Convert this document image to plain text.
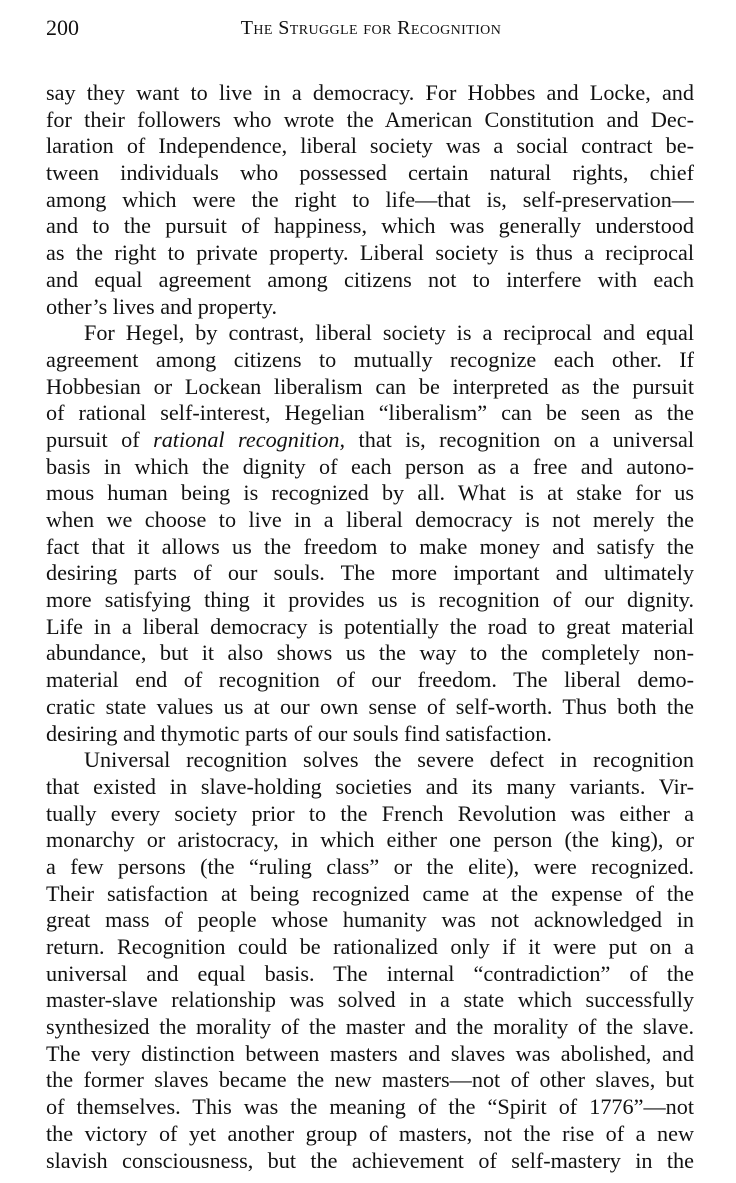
200	The Struggle for Recognition
say they want to live in a democracy. For Hobbes and Locke, and
for their followers who wrote the American Constitution and Dec-
laration of Independence, liberal society was a social contract be-
tween individuals who possessed certain natural rights, chief
among which were the right to life—that is, self-preservation—
and to the pursuit of happiness, which was generally understood
as the right to private property. Liberal society is thus a reciprocal
and equal agreement among citizens not to interfere with each
other’s lives and property.
For Hegel, by contrast, liberal society is a reciprocal and equal
agreement among citizens to mutually recognize each other. If
Hobbesian or Lockean liberalism can be interpreted as the pursuit
of rational self-interest, Hegelian “liberalism” can be seen as the
pursuit of rational recognition, that is, recognition on a universal
basis in which the dignity of each person as a free and autono-
mous human being is recognized by all. What is at stake for us
when we choose to live in a liberal democracy is not merely the
fact that it allows us the freedom to make money and satisfy the
desiring parts of our souls. The more important and ultimately
more satisfying thing it provides us is recognition of our dignity.
Life in a liberal democracy is potentially the road to great material
abundance, but it also shows us the way to the completely non-
material end of recognition of our freedom. The liberal demo-
cratic state values us at our own sense of self-worth. Thus both the
desiring and thymotic parts of our souls find satisfaction.
Universal recognition solves the severe defect in recognition
that existed in slave-holding societies and its many variants. Vir-
tually every society prior to the French Revolution was either a
monarchy or aristocracy, in which either one person (the king), or
a few persons (the “ruling class” or the elite), were recognized.
Their satisfaction at being recognized came at the expense of the
great mass of people whose humanity was not acknowledged in
return. Recognition could be rationalized only if it were put on a
universal and equal basis. The internal “contradiction” of the
master-slave relationship was solved in a state which successfully
synthesized the morality of the master and the morality of the slave.
The very distinction between masters and slaves was abolished, and
the former slaves became the new masters—not of other slaves, but
of themselves. This was the meaning of the “Spirit of 1776”—not
the victory of yet another group of masters, not the rise of a new
slavish consciousness, but the achievement of self-mastery in the
